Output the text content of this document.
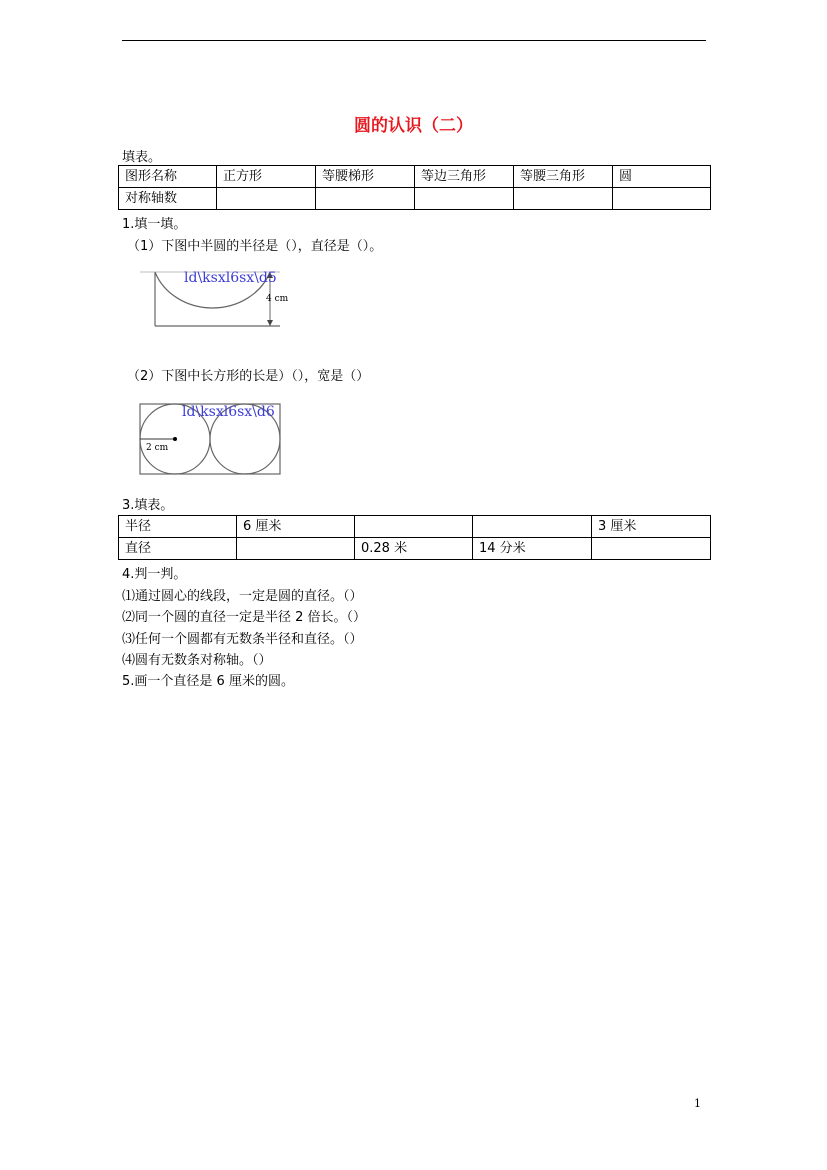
圆的认识（二）
填表。
图形名称	正方形	等腰梯形	等边三角形	等腰三角形	圆
对称轴数					
1.填一填。
（1）下图中半圆的半径是（），直径是（）。
ld\ksxl6sx\d5
4 cm
（2）下图中长方形的长是）（），宽是（）
ld\ksxl6sx\d6
2 cm
3.填表。
半径	6 厘米			3 厘米
直径		0.28 米	14 分米	
4.判一判。
⑴通过圆心的线段，一定是圆的直径。（）
⑵同一个圆的直径一定是半径 2 倍长。（）
⑶任何一个圆都有无数条半径和直径。（）
⑷圆有无数条对称轴。（）
5.画一个直径是 6 厘米的圆。
1
